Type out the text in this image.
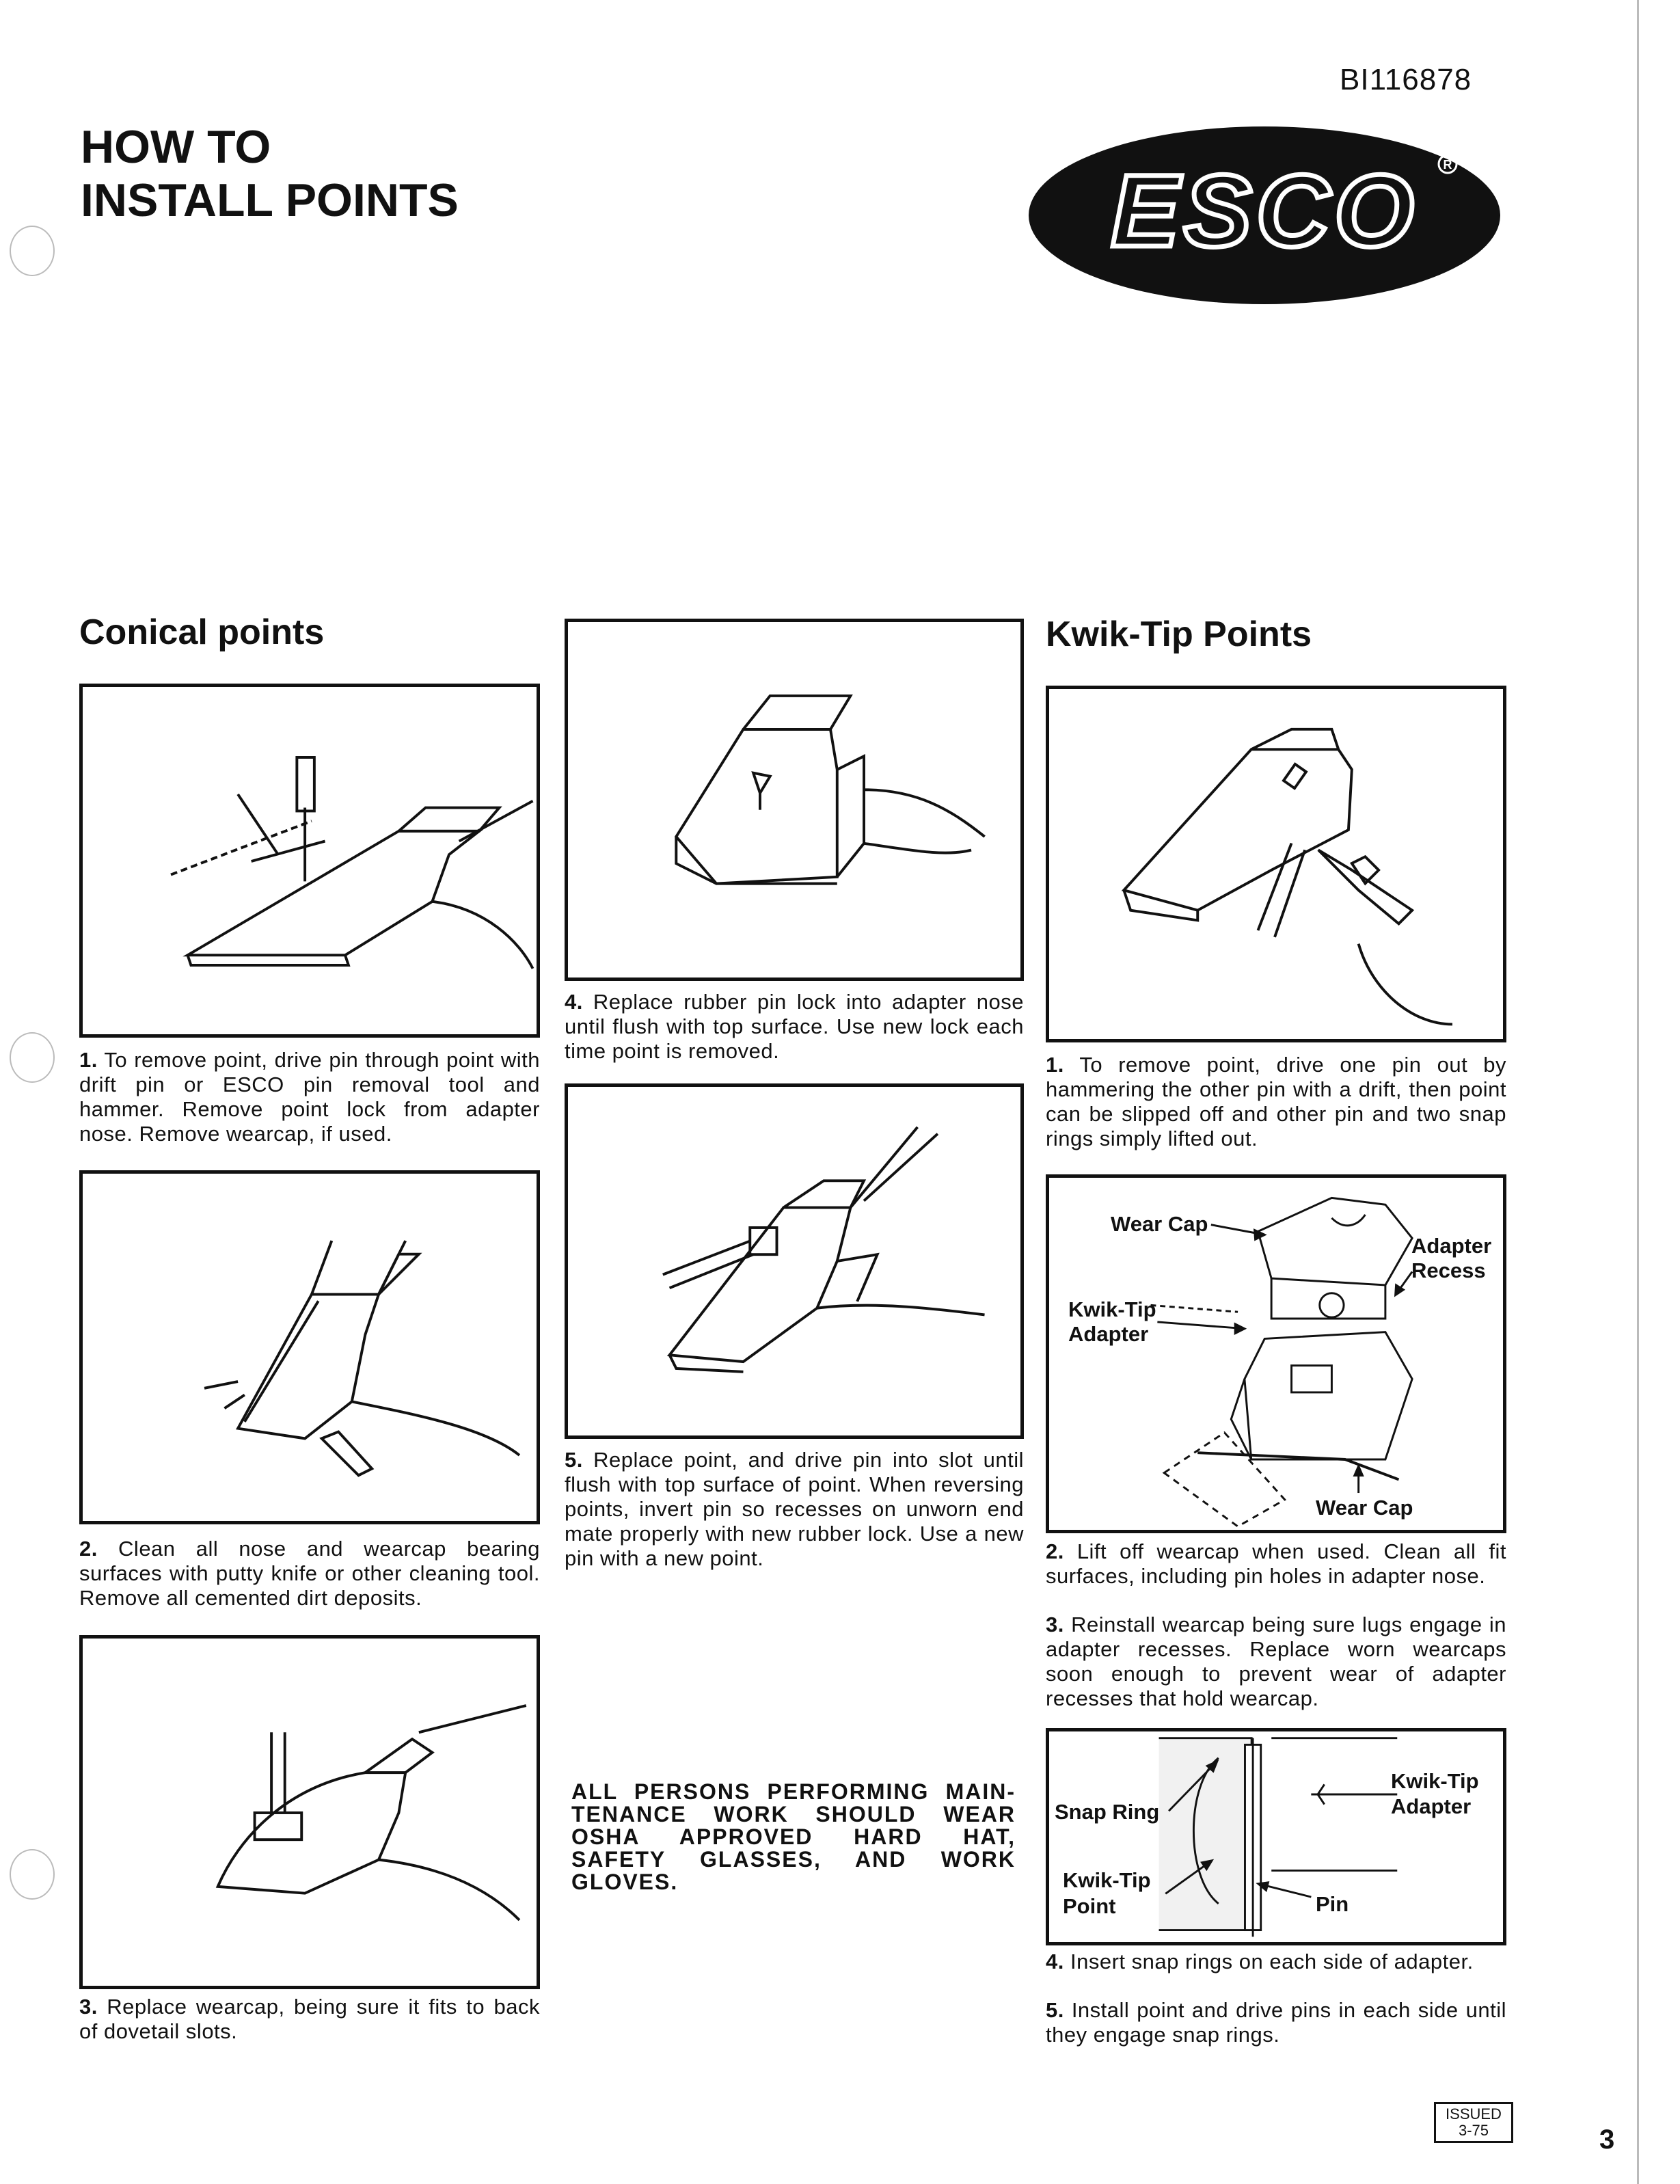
BI116878
HOW TO
INSTALL POINTS	ESCO R
Conical points
1. To remove point, drive pin through point with drift pin or ESCO pin removal tool and hammer. Remove point lock from adapter nose. Remove wearcap, if used.
2. Clean all nose and wearcap bearing surfaces with putty knife or other cleaning tool. Remove all cemented dirt deposits.
3. Replace wearcap, being sure it fits to back of dovetail slots.
4. Replace rubber pin lock into adapter nose until flush with top surface. Use new lock each time point is removed.
5. Replace point, and drive pin into slot until flush with top surface of point. When reversing points, invert pin so recesses on unworn end mate properly with new rubber lock. Use a new pin with a new point.
ALL PERSONS PERFORMING MAIN-TENANCE WORK SHOULD WEAR OSHA APPROVED HARD HAT, SAFETY GLASSES, AND WORK GLOVES.
Kwik-Tip Points
1. To remove point, drive one pin out by hammering the other pin with a drift, then point can be slipped off and other pin and two snap rings simply lifted out.
Wear Cap
Adapter
Recess
Kwik-Tip
Adapter
Wear Cap
2. Lift off wearcap when used. Clean all fit surfaces, including pin holes in adapter nose.
3. Reinstall wearcap being sure lugs engage in adapter recesses. Replace worn wearcaps soon enough to prevent wear of adapter recesses that hold wearcap.
Snap Ring
Kwik-Tip
Adapter
Kwik-Tip
Point	Pin
4. Insert snap rings on each side of adapter.
5. Install point and drive pins in each side until they engage snap rings.
ISSUED
3-75	3
